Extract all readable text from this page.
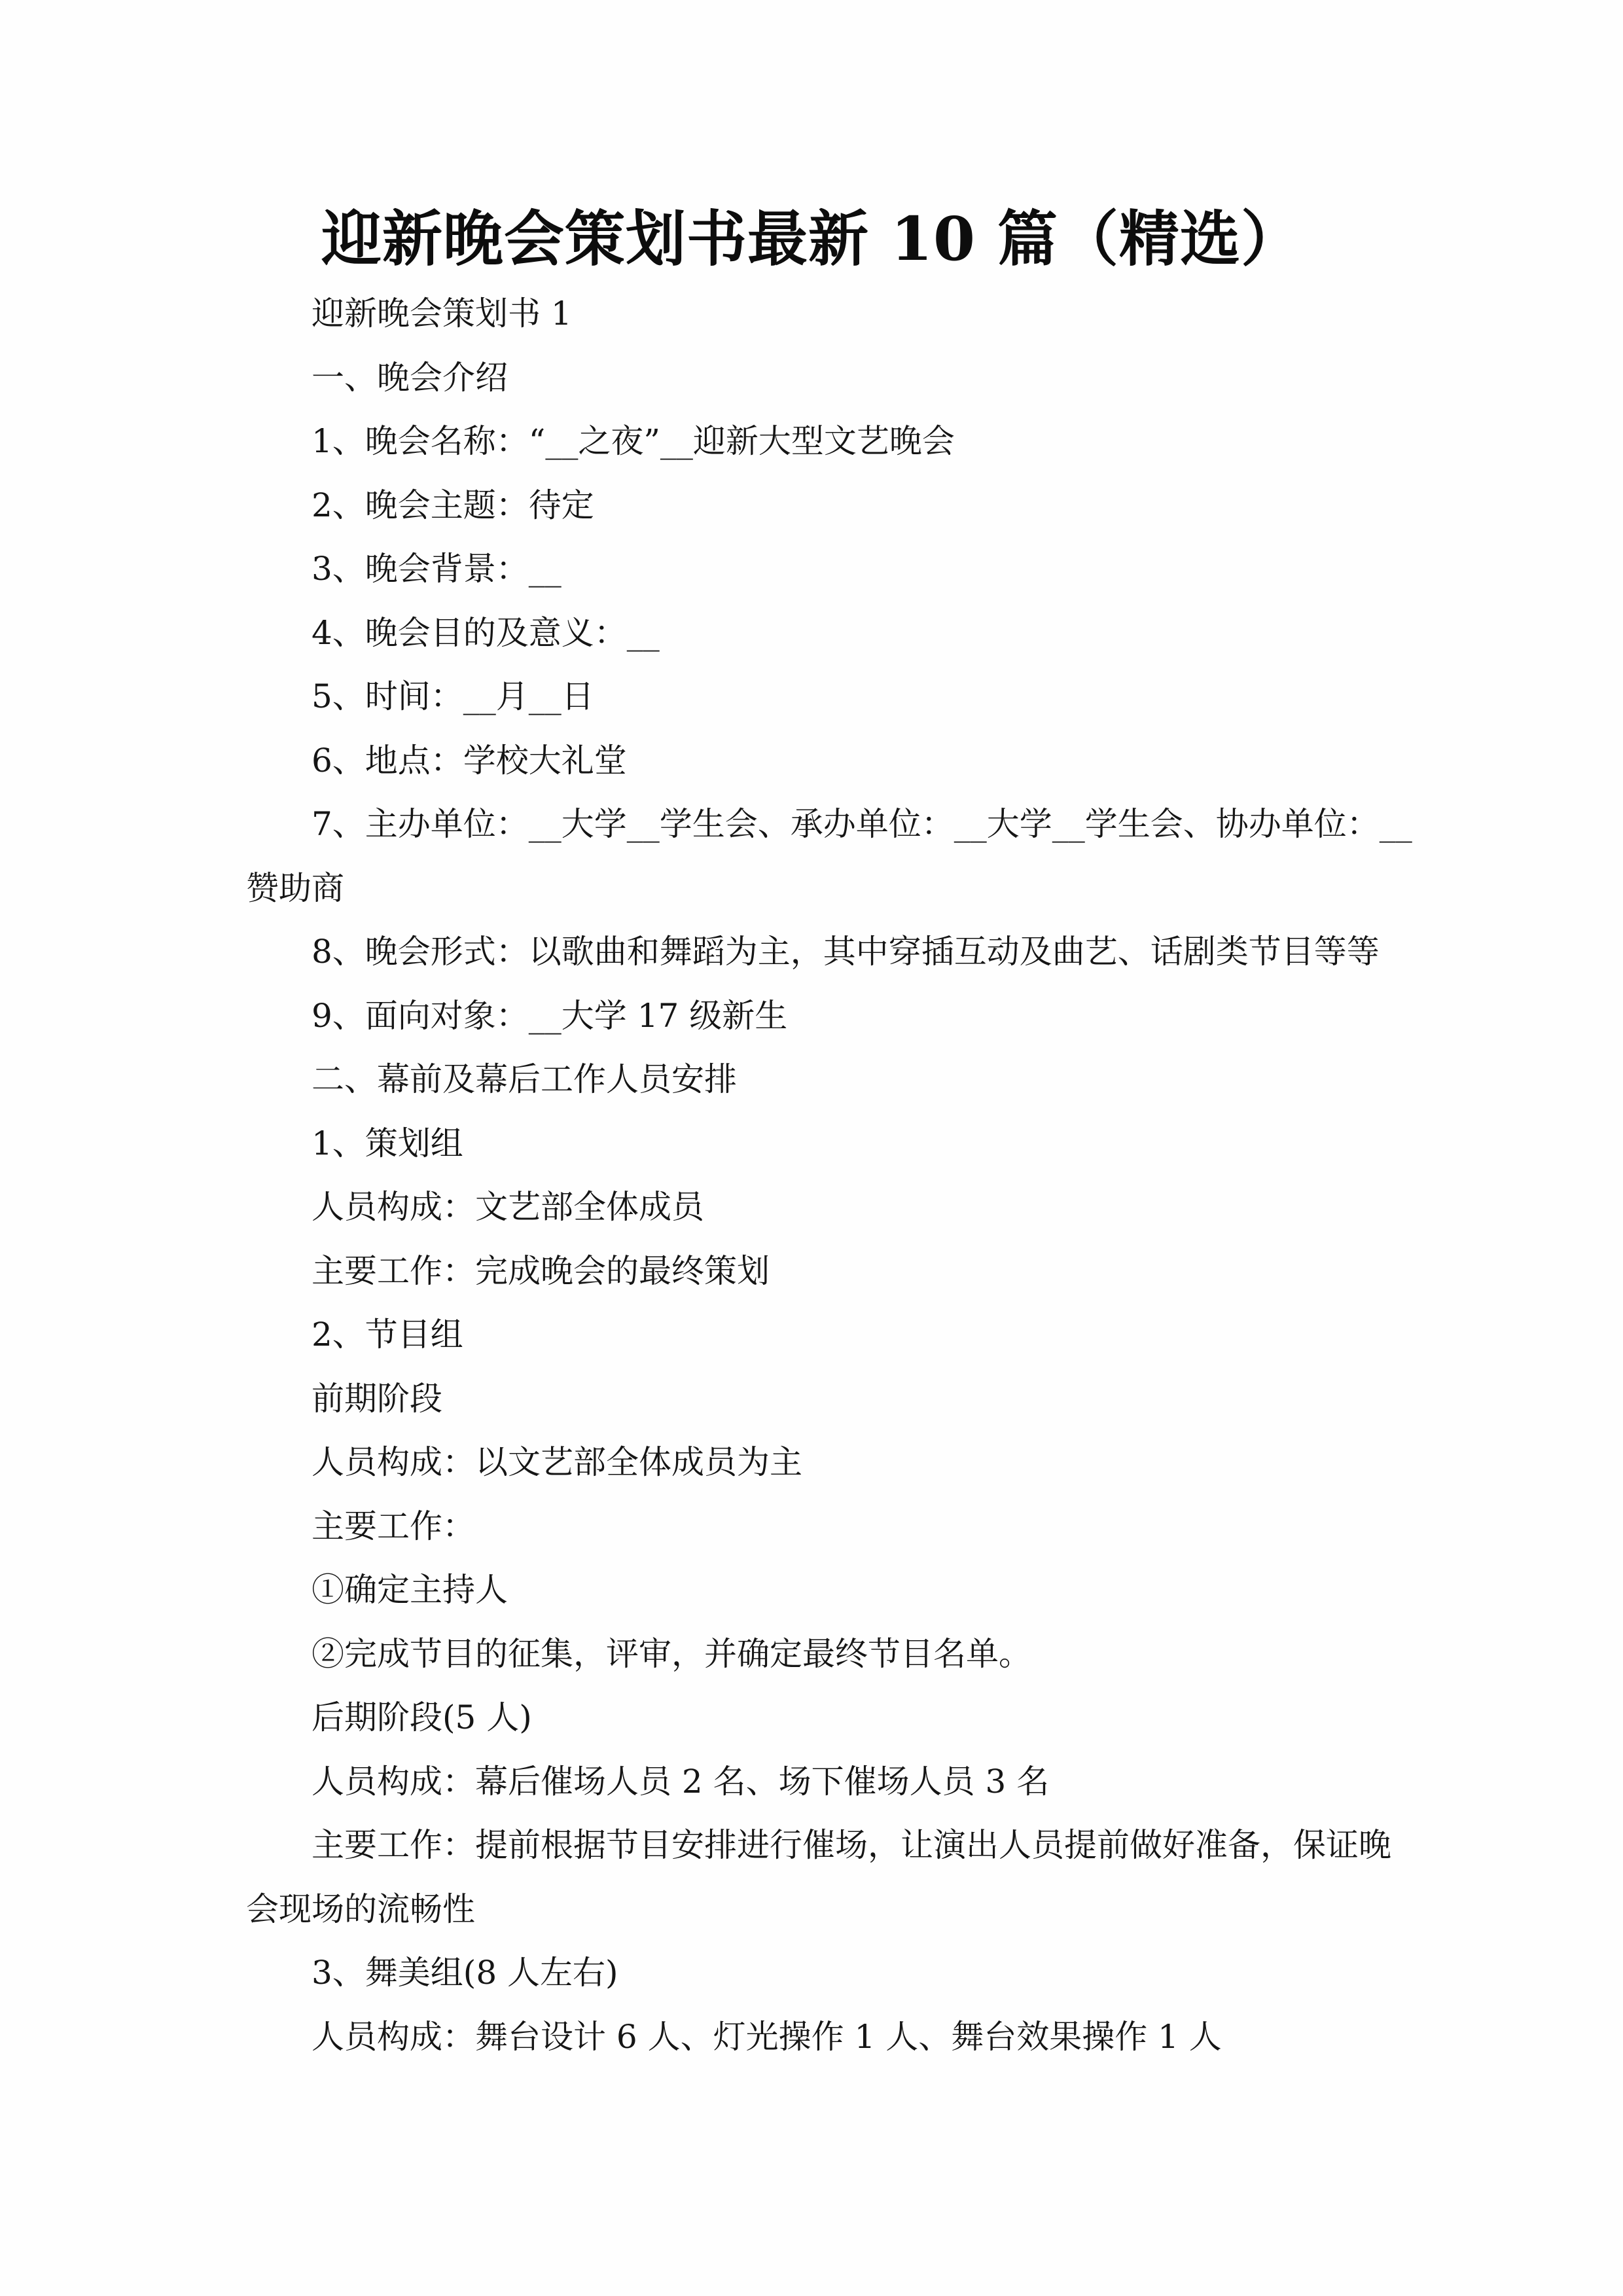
迎新晚会策划书最新 10 篇（精选）

迎新晚会策划书 1

一、晚会介绍

1、晚会名称：“__之夜”__迎新大型文艺晚会

2、晚会主题：待定

3、晚会背景：__

4、晚会目的及意义：__

5、时间：__月__日

6、地点：学校大礼堂

7、主办单位：__大学__学生会、承办单位：__大学__学生会、协办单位：__
赞助商

8、晚会形式：以歌曲和舞蹈为主，其中穿插互动及曲艺、话剧类节目等等

9、面向对象：__大学 17 级新生

二、幕前及幕后工作人员安排

1、策划组

人员构成：文艺部全体成员

主要工作：完成晚会的最终策划

2、节目组

前期阶段

人员构成：以文艺部全体成员为主

主要工作：

①确定主持人

②完成节目的征集，评审，并确定最终节目名单。

后期阶段(5 人)

人员构成：幕后催场人员 2 名、场下催场人员 3 名

主要工作：提前根据节目安排进行催场，让演出人员提前做好准备，保证晚
会现场的流畅性

3、舞美组(8 人左右)

人员构成：舞台设计 6 人、灯光操作 1 人、舞台效果操作 1 人
